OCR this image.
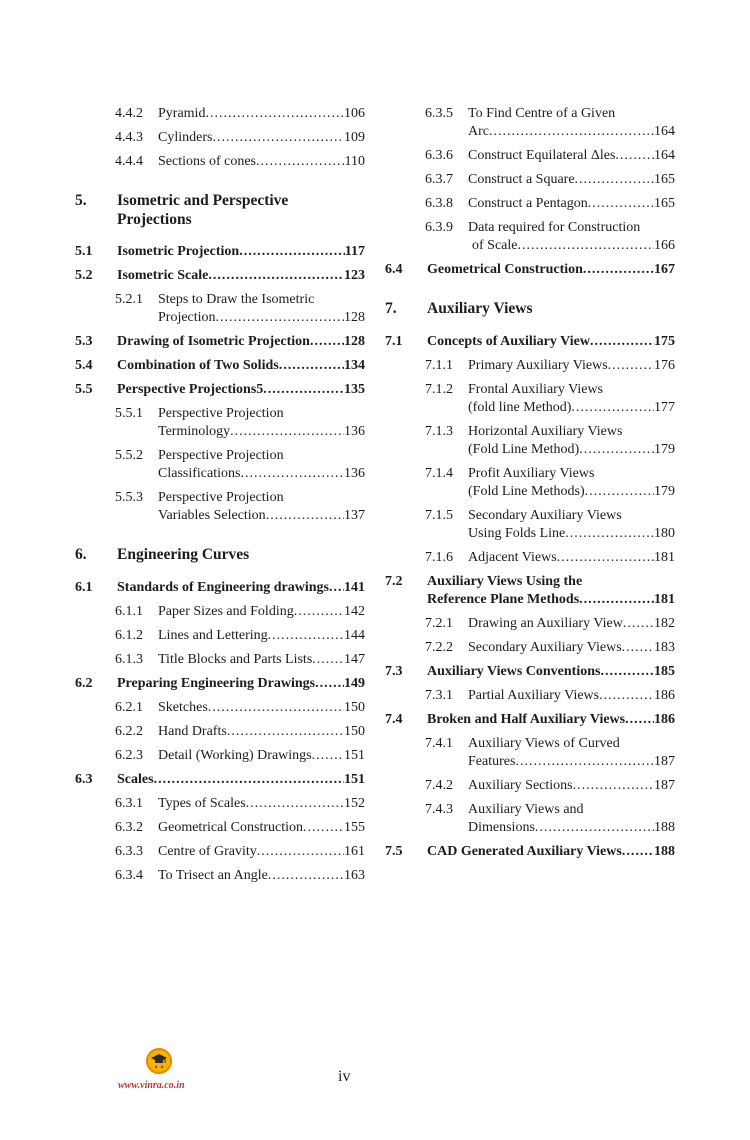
4.4.2	Pyramid .....	106
4.4.3	Cylinders .....	109
4.4.4	Sections of cones .....	110
5.	Isometric and Perspective
Projections
5.1	Isometric Projection .....	117
5.2	Isometric Scale .....	123
5.2.1	Steps to Draw the Isometric
Projection .....	128
5.3	Drawing of Isometric Projection ..... 128
5.4	Combination of Two Solids .....	134
5.5	Perspective Projections5 .....	135
5.5.1	Perspective Projection
Terminology .....	136
5.5.2	Perspective Projection
Classifications .....	136
5.5.3	Perspective Projection
Variables Selection .....	137
6.	Engineering Curves
6.1	Standards of Engineering drawings ..... 141
6.1.1	Paper Sizes and Folding .....	142
6.1.2	Lines and Lettering .....	144
6.1.3	Title Blocks and Parts Lists ..... 147
6.2	Preparing Engineering Drawings ..... 149
6.2.1	Sketches .....	150
6.2.2	Hand Drafts .....	150
6.2.3	Detail (Working) Drawings ..... 151
6.3	Scales .....	151
6.3.1	Types of Scales .....	152
6.3.2	Geometrical Construction .....	155
6.3.3	Centre of Gravity .....	161
6.3.4	To Trisect an Angle .....	163
6.3.5	To Find Centre of a Given
Arc .....	164
6.3.6	Construct Equilateral Δles .....	164
6.3.7	Construct a Square .....	165
6.3.8	Construct a Pentagon .....	165
6.3.9	Data required for Construction
of Scale .....	166
6.4	Geometrical Construction .....	167
7.	Auxiliary Views
7.1	Concepts of Auxiliary View .....	175
7.1.1	Primary Auxiliary Views .....	176
7.1.2	Frontal Auxiliary Views
(fold line Method) .....	177
7.1.3	Horizontal Auxiliary Views
(Fold Line Method) .....	179
7.1.4	Profit Auxiliary Views
(Fold Line Methods) .....	179
7.1.5	Secondary Auxiliary Views
Using Folds Line .....	180
7.1.6	Adjacent Views .....	181
7.2	Auxiliary Views Using the
Reference Plane Methods .....	181
7.2.1	Drawing an Auxiliary View ..... 182
7.2.2	Secondary Auxiliary Views ..... 183
7.3	Auxiliary Views Conventions .....	185
7.3.1	Partial Auxiliary Views .....	186
7.4	Broken and Half Auxiliary Views ..... 186
7.4.1	Auxiliary Views of Curved
Features .....	187
7.4.2	Auxiliary Sections .....	187
7.4.3	Auxiliary Views and
Dimensions .....	188
7.5	CAD Generated Auxiliary Views ..... 188
www.vinra.co.in
iv
